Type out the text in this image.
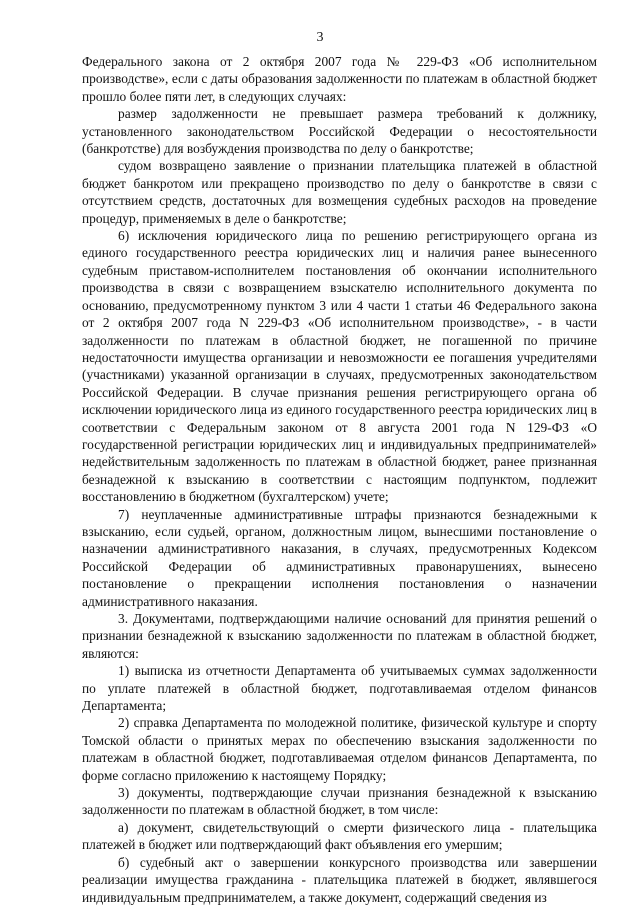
3

Федерального закона от 2 октября 2007 года № 229-ФЗ «Об исполнительном производстве», если с даты образования задолженности по платежам в областной бюджет прошло более пяти лет, в следующих случаях:

размер задолженности не превышает размера требований к должнику, установленного законодательством Российской Федерации о несостоятельности (банкротстве) для возбуждения производства по делу о банкротстве;

судом возвращено заявление о признании плательщика платежей в областной бюджет банкротом или прекращено производство по делу о банкротстве в связи с отсутствием средств, достаточных для возмещения судебных расходов на проведение процедур, применяемых в деле о банкротстве;

6) исключения юридического лица по решению регистрирующего органа из единого государственного реестра юридических лиц и наличия ранее вынесенного судебным приставом-исполнителем постановления об окончании исполнительного производства в связи с возвращением взыскателю исполнительного документа по основанию, предусмотренному пунктом 3 или 4 части 1 статьи 46 Федерального закона от 2 октября 2007 года N 229-ФЗ «Об исполнительном производстве», - в части задолженности по платежам в областной бюджет, не погашенной по причине недостаточности имущества организации и невозможности ее погашения учредителями (участниками) указанной организации в случаях, предусмотренных законодательством Российской Федерации. В случае признания решения регистрирующего органа об исключении юридического лица из единого государственного реестра юридических лиц в соответствии с Федеральным законом от 8 августа 2001 года N 129-ФЗ «О государственной регистрации юридических лиц и индивидуальных предпринимателей» недействительным задолженность по платежам в областной бюджет, ранее признанная безнадежной к взысканию в соответствии с настоящим подпунктом, подлежит восстановлению в бюджетном (бухгалтерском) учете;

7) неуплаченные административные штрафы признаются безнадежными к взысканию, если судьей, органом, должностным лицом, вынесшими постановление о назначении административного наказания, в случаях, предусмотренных Кодексом Российской Федерации об административных правонарушениях, вынесено постановление о прекращении исполнения постановления о назначении административного наказания.

3. Документами, подтверждающими наличие оснований для принятия решений о признании безнадежной к взысканию задолженности по платежам в областной бюджет, являются:

1) выписка из отчетности Департамента об учитываемых суммах задолженности по уплате платежей в областной бюджет, подготавливаемая отделом финансов Департамента;

2) справка Департамента по молодежной политике, физической культуре и спорту Томской области о принятых мерах по обеспечению взыскания задолженности по платежам в областной бюджет, подготавливаемая отделом финансов Департамента, по форме согласно приложению к настоящему Порядку;

3) документы, подтверждающие случаи признания безнадежной к взысканию задолженности по платежам в областной бюджет, в том числе:

а) документ, свидетельствующий о смерти физического лица - плательщика платежей в бюджет или подтверждающий факт объявления его умершим;

б) судебный акт о завершении конкурсного производства или завершении реализации имущества гражданина - плательщика платежей в бюджет, являвшегося индивидуальным предпринимателем, а также документ, содержащий сведения из
